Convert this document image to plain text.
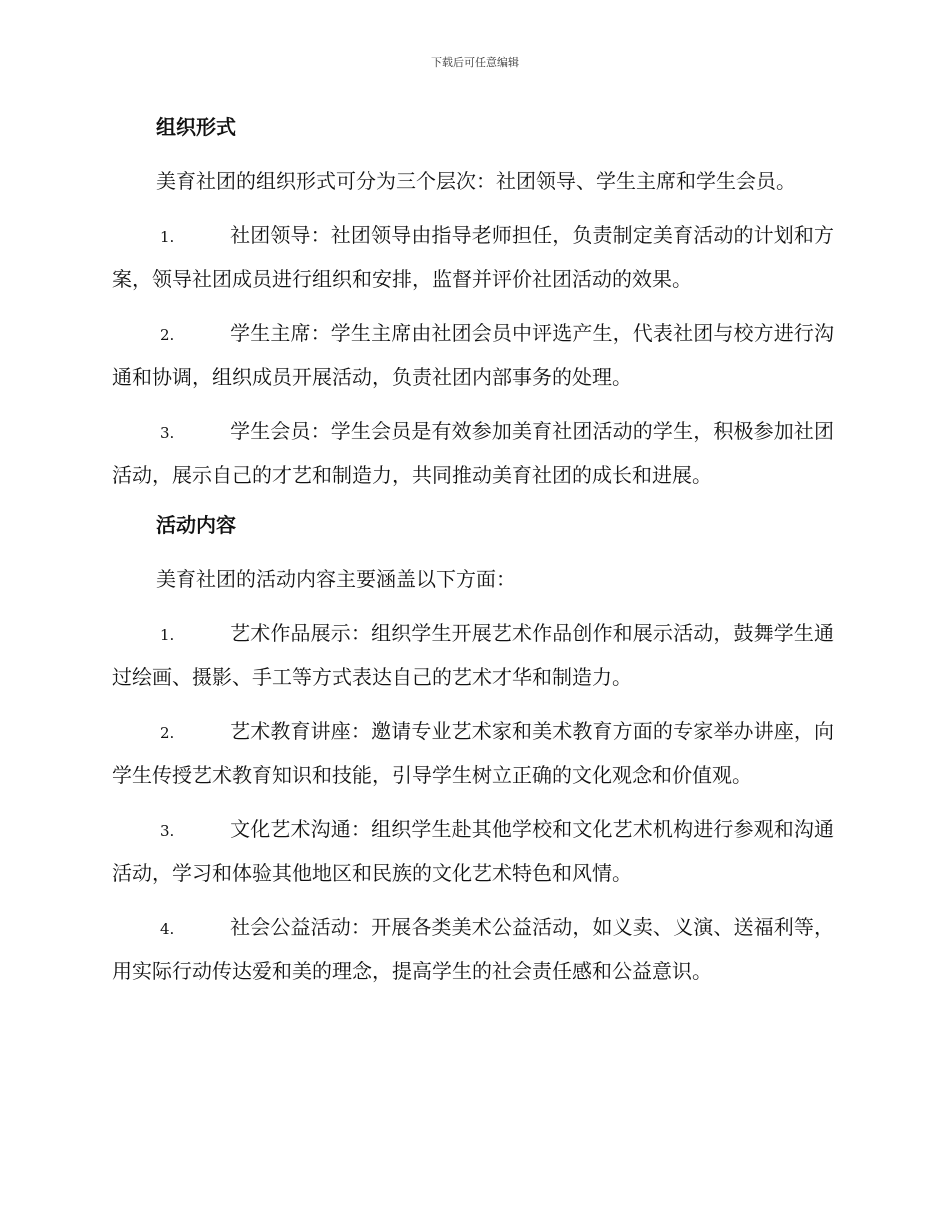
下载后可任意编辑
组织形式

美育社团的组织形式可分为三个层次：社团领导、学生主席和学生会员。

1.	社团领导：社团领导由指导老师担任，负责制定美育活动的计划和方案，领导社团成员进行组织和安排，监督并评价社团活动的效果。

2.	学生主席：学生主席由社团会员中评选产生，代表社团与校方进行沟通和协调，组织成员开展活动，负责社团内部事务的处理。

3.	学生会员：学生会员是有效参加美育社团活动的学生，积极参加社团活动，展示自己的才艺和制造力，共同推动美育社团的成长和进展。

活动内容

美育社团的活动内容主要涵盖以下方面：

1.	艺术作品展示：组织学生开展艺术作品创作和展示活动，鼓舞学生通过绘画、摄影、手工等方式表达自己的艺术才华和制造力。

2.	艺术教育讲座：邀请专业艺术家和美术教育方面的专家举办讲座，向学生传授艺术教育知识和技能，引导学生树立正确的文化观念和价值观。

3.	文化艺术沟通：组织学生赴其他学校和文化艺术机构进行参观和沟通活动，学习和体验其他地区和民族的文化艺术特色和风情。

4.	社会公益活动：开展各类美术公益活动，如义卖、义演、送福利等，用实际行动传达爱和美的理念，提高学生的社会责任感和公益意识。
